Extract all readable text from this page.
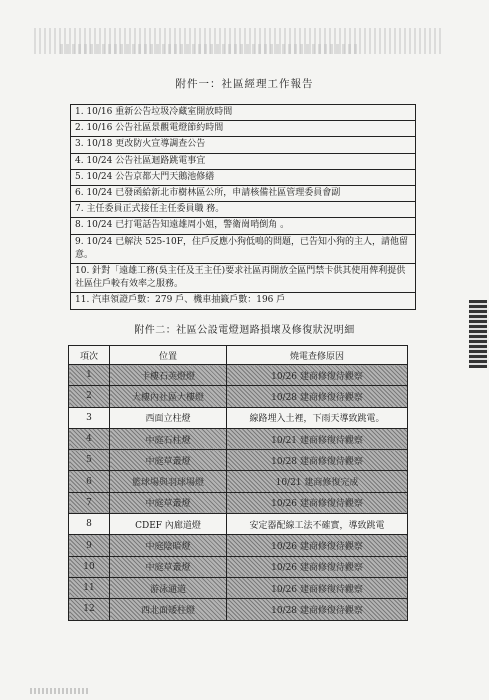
附件一：社區經理工作報告
1. 10/16 重新公告垃圾冷藏室開放時間
2. 10/16 公告社區景觀電燈節約時間
3. 10/18 更改防火宣導調查公告
4. 10/24 公告社區迴路跳電事宜
5. 10/24 公告京都大門天鵝池修繕
6. 10/24 已發函給新北市樹林區公所，申請核備社區管理委員會副
7. 主任委員正式接任主任委員職 務。
8. 10/24 已打電話告知遠雄周小姐，警衛崗哨倒角 。
9. 10/24 已解決 525-10F，住戶反應小狗低鳴的問題，已告知小狗的主人，請他留意。
10. 針對「遠雄工務(吳主任及王主任)要求社區再開放全區門禁卡供其使用俾利提供社區住戶較有效率之服務。
11. 汽車領證戶數：279 戶、機車抽籤戶數：196 戶
附件二：社區公設電燈迴路損壞及修復狀況明細
項次	位置	燒電查修原因
1	卡樓石英燈燈	10/26 建商修復待觀察
2	大樓內社區大樓燈	10/28 建商修復待觀察
3	西面立柱燈	線路埋入土裡，下雨天導致跳電。
4	中庭石柱燈	10/21 建商修復待觀察
5	中庭草叢燈	10/28 建商修復待觀察
6	籃球場與羽球場燈	10/21 建商修復完成
7	中庭草叢燈	10/26 建商修復待觀察
8	CDEF 內廊道燈	安定器配線工法不確實，導致跳電
9	中庭陰暗燈	10/26 建商修復待觀察
10	中庭草叢燈	10/26 建商修復待觀察
11	游泳通道	10/26 建商修復待觀察
12	西北面矮柱燈	10/28 建商修復待觀察
